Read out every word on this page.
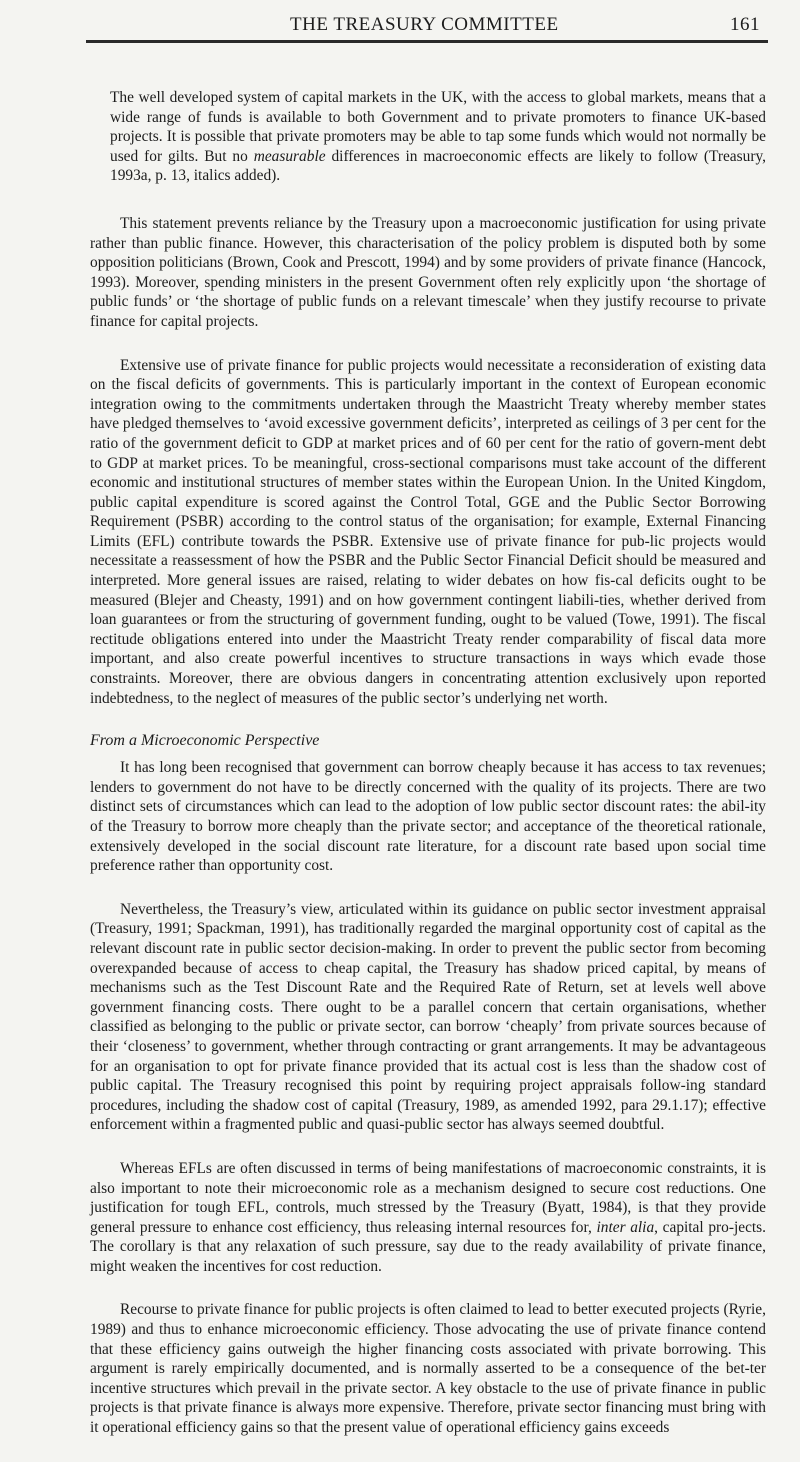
THE TREASURY COMMITTEE	161

The well developed system of capital markets in the UK, with the access to global markets, means that a wide range of funds is available to both Government and to private promoters to finance UK-based projects. It is possible that private promoters may be able to tap some funds which would not normally be used for gilts. But no measurable differences in macroeconomic effects are likely to follow (Treasury, 1993a, p. 13, italics added).

This statement prevents reliance by the Treasury upon a macroeconomic justification for using private rather than public finance. However, this characterisation of the policy problem is disputed both by some opposition politicians (Brown, Cook and Prescott, 1994) and by some providers of private finance (Hancock, 1993). Moreover, spending ministers in the present Government often rely explicitly upon ‘the shortage of public funds’ or ‘the shortage of public funds on a relevant timescale’ when they justify recourse to private finance for capital projects.

Extensive use of private finance for public projects would necessitate a reconsideration of existing data on the fiscal deficits of governments. This is particularly important in the context of European economic integration owing to the commitments undertaken through the Maastricht Treaty whereby member states have pledged themselves to ‘avoid excessive government deficits’, interpreted as ceilings of 3 per cent for the ratio of the government deficit to GDP at market prices and of 60 per cent for the ratio of govern-ment debt to GDP at market prices. To be meaningful, cross-sectional comparisons must take account of the different economic and institutional structures of member states within the European Union. In the United Kingdom, public capital expenditure is scored against the Control Total, GGE and the Public Sector Borrowing Requirement (PSBR) according to the control status of the organisation; for example, External Financing Limits (EFL) contribute towards the PSBR. Extensive use of private finance for pub-lic projects would necessitate a reassessment of how the PSBR and the Public Sector Financial Deficit should be measured and interpreted. More general issues are raised, relating to wider debates on how fis-cal deficits ought to be measured (Blejer and Cheasty, 1991) and on how government contingent liabili-ties, whether derived from loan guarantees or from the structuring of government funding, ought to be valued (Towe, 1991). The fiscal rectitude obligations entered into under the Maastricht Treaty render comparability of fiscal data more important, and also create powerful incentives to structure transactions in ways which evade those constraints. Moreover, there are obvious dangers in concentrating attention exclusively upon reported indebtedness, to the neglect of measures of the public sector’s underlying net worth.

From a Microeconomic Perspective

It has long been recognised that government can borrow cheaply because it has access to tax revenues; lenders to government do not have to be directly concerned with the quality of its projects. There are two distinct sets of circumstances which can lead to the adoption of low public sector discount rates: the abil-ity of the Treasury to borrow more cheaply than the private sector; and acceptance of the theoretical rationale, extensively developed in the social discount rate literature, for a discount rate based upon social time preference rather than opportunity cost.

Nevertheless, the Treasury’s view, articulated within its guidance on public sector investment appraisal (Treasury, 1991; Spackman, 1991), has traditionally regarded the marginal opportunity cost of capital as the relevant discount rate in public sector decision-making. In order to prevent the public sector from becoming overexpanded because of access to cheap capital, the Treasury has shadow priced capital, by means of mechanisms such as the Test Discount Rate and the Required Rate of Return, set at levels well above government financing costs. There ought to be a parallel concern that certain organisations, whether classified as belonging to the public or private sector, can borrow ‘cheaply’ from private sources because of their ‘closeness’ to government, whether through contracting or grant arrangements. It may be advantageous for an organisation to opt for private finance provided that its actual cost is less than the shadow cost of public capital. The Treasury recognised this point by requiring project appraisals follow-ing standard procedures, including the shadow cost of capital (Treasury, 1989, as amended 1992, para 29.1.17); effective enforcement within a fragmented public and quasi-public sector has always seemed doubtful.

Whereas EFLs are often discussed in terms of being manifestations of macroeconomic constraints, it is also important to note their microeconomic role as a mechanism designed to secure cost reductions. One justification for tough EFL, controls, much stressed by the Treasury (Byatt, 1984), is that they provide general pressure to enhance cost efficiency, thus releasing internal resources for, inter alia, capital pro-jects. The corollary is that any relaxation of such pressure, say due to the ready availability of private finance, might weaken the incentives for cost reduction.

Recourse to private finance for public projects is often claimed to lead to better executed projects (Ryrie, 1989) and thus to enhance microeconomic efficiency. Those advocating the use of private finance contend that these efficiency gains outweigh the higher financing costs associated with private borrowing. This argument is rarely empirically documented, and is normally asserted to be a consequence of the bet-ter incentive structures which prevail in the private sector. A key obstacle to the use of private finance in public projects is that private finance is always more expensive. Therefore, private sector financing must bring with it operational efficiency gains so that the present value of operational efficiency gains exceeds
